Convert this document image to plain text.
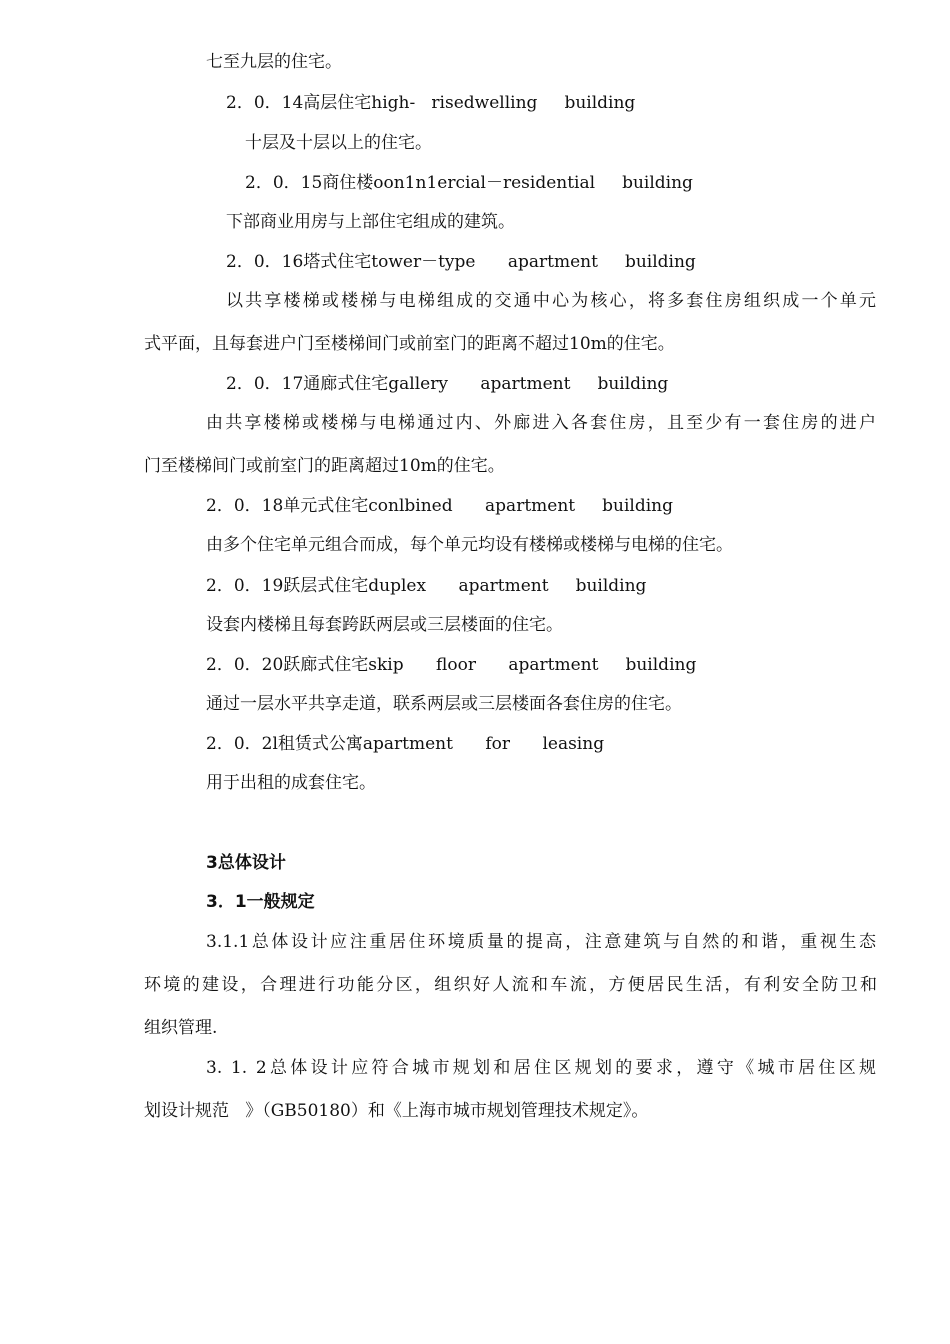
七至九层的住宅。
2．0．14高层住宅high-   risedwelling     building
十层及十层以上的住宅。
2．0．15商住楼oon1n1ercial－residential     building
下部商业用房与上部住宅组成的建筑。
2．0．16塔式住宅tower－type      apartment     building
以共享楼梯或楼梯与电梯组成的交通中心为核心，将多套住房组织成一个单元
式平面，且每套进户门至楼梯间门或前室门的距离不超过10m的住宅。
2．0．17通廊式住宅gallery      apartment     building
由共享楼梯或楼梯与电梯通过内、外廊进入各套住房，且至少有一套住房的进户
门至楼梯间门或前室门的距离超过10m的住宅。
2．0．18单元式住宅conlbined      apartment     building
由多个住宅单元组合而成，每个单元均设有楼梯或楼梯与电梯的住宅。
2．0．19跃层式住宅duplex      apartment     building
设套内楼梯且每套跨跃两层或三层楼面的住宅。
2．0．20跃廊式住宅skip      floor      apartment     building
通过一层水平共享走道，联系两层或三层楼面各套住房的住宅。
2．0．2l租赁式公寓apartment      for      leasing
用于出租的成套住宅。
3总体设计
3．1一般规定
3.1.1总体设计应注重居住环境质量的提高，注意建筑与自然的和谐，重视生态
环境的建设，合理进行功能分区，组织好人流和车流，方便居民生活，有利安全防卫和
组织管理.
3. 1. 2总体设计应符合城市规划和居住区规划的要求，遵守《城市居住区规
划设计规范   》（GB50180）和《上海市城市规划管理技术规定》。
